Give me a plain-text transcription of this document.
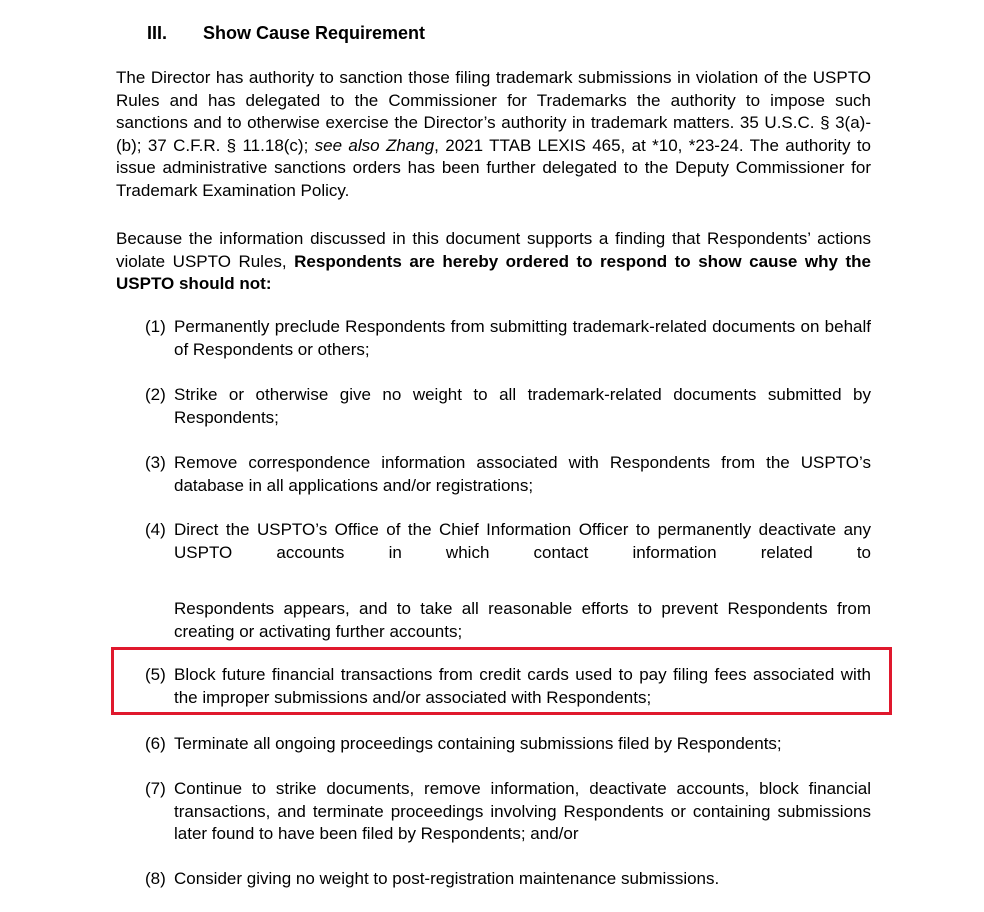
III. Show Cause Requirement
The Director has authority to sanction those filing trademark submissions in violation of the USPTO Rules and has delegated to the Commissioner for Trademarks the authority to impose such sanctions and to otherwise exercise the Director’s authority in trademark matters. 35 U.S.C. § 3(a)-(b); 37 C.F.R. § 11.18(c); see also Zhang, 2021 TTAB LEXIS 465, at *10, *23-24. The authority to issue administrative sanctions orders has been further delegated to the Deputy Commissioner for Trademark Examination Policy.
Because the information discussed in this document supports a finding that Respondents’ actions violate USPTO Rules, Respondents are hereby ordered to respond to show cause why the USPTO should not:
(1) Permanently preclude Respondents from submitting trademark-related documents on behalf of Respondents or others;
(2) Strike or otherwise give no weight to all trademark-related documents submitted by Respondents;
(3) Remove correspondence information associated with Respondents from the USPTO’s database in all applications and/or registrations;
(4) Direct the USPTO’s Office of the Chief Information Officer to permanently deactivate any USPTO accounts in which contact information related to
Respondents appears, and to take all reasonable efforts to prevent Respondents from creating or activating further accounts;
(5) Block future financial transactions from credit cards used to pay filing fees associated with the improper submissions and/or associated with Respondents;
(6) Terminate all ongoing proceedings containing submissions filed by Respondents;
(7) Continue to strike documents, remove information, deactivate accounts, block financial transactions, and terminate proceedings involving Respondents or containing submissions later found to have been filed by Respondents; and/or
(8) Consider giving no weight to post-registration maintenance submissions.
